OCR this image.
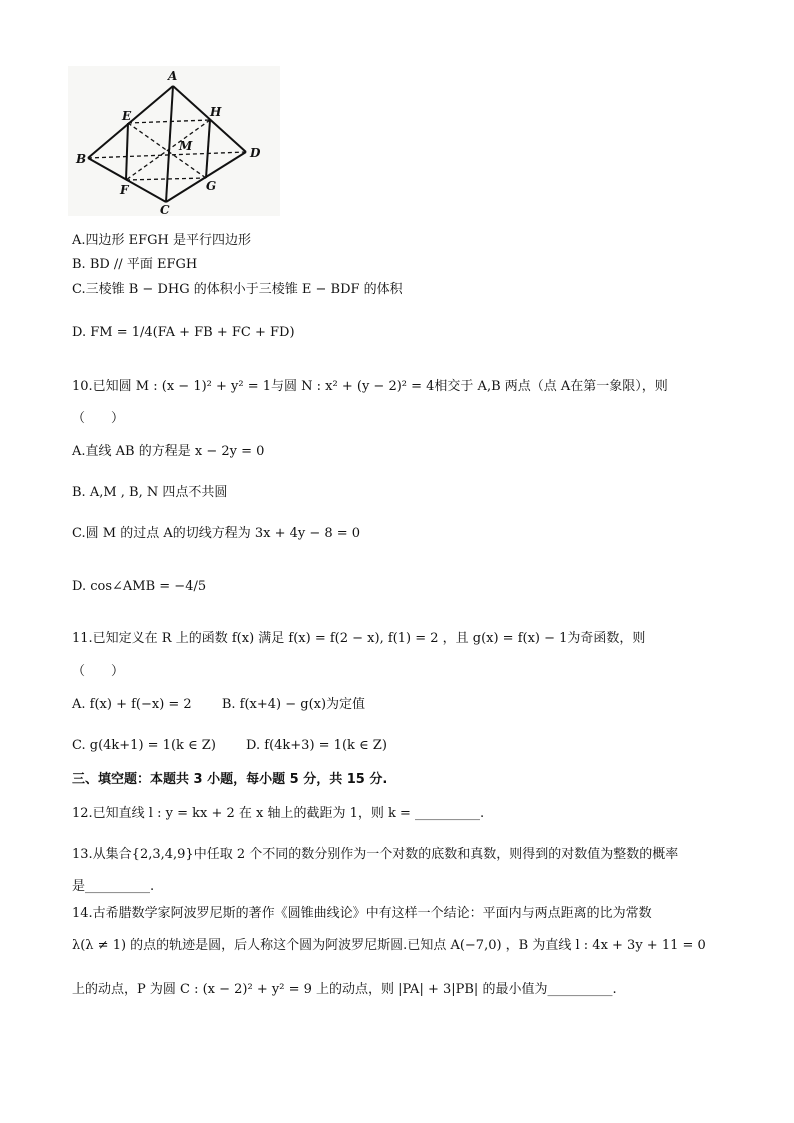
A
B
C
D
E
F	G
H
M
A.四边形 EFGH 是平行四边形
B. BD // 平面 EFGH
C.三棱锥 B − DHG 的体积小于三棱锥 E − BDF 的体积
D. FM = 1/4(FA + FB + FC + FD)
10.已知圆 M : (x − 1)² + y² = 1与圆 N : x² + (y − 2)² = 4相交于 A,B 两点（点 A在第一象限），则
（　　）
A.直线 AB 的方程是 x − 2y = 0
B. A,M , B, N 四点不共圆
C.圆 M 的过点 A的切线方程为 3x + 4y − 8 = 0
D. cos∠AMB = −4/5
11.已知定义在 R 上的函数 f(x) 满足 f(x) = f(2 − x), f(1) = 2 ，且 g(x) = f(x) − 1为奇函数，则
（　　）
A. f(x) + f(−x) = 2　　 B. f(x+4) − g(x)为定值
C. g(4k+1) = 1(k ∈ Z)　　 D. f(4k+3) = 1(k ∈ Z)
三、填空题：本题共 3 小题，每小题 5 分，共 15 分.
12.已知直线 l : y = kx + 2 在 x 轴上的截距为 1，则 k = __________.
13.从集合{2,3,4,9}中任取 2 个不同的数分别作为一个对数的底数和真数，则得到的对数值为整数的概率
是__________.
14.古希腊数学家阿波罗尼斯的著作《圆锥曲线论》中有这样一个结论：平面内与两点距离的比为常数
λ(λ ≠ 1) 的点的轨迹是圆，后人称这个圆为阿波罗尼斯圆.已知点 A(−7,0) ，B 为直线 l : 4x + 3y + 11 = 0
上的动点，P 为圆 C : (x − 2)² + y² = 9 上的动点，则 |PA| + 3|PB| 的最小值为__________.
